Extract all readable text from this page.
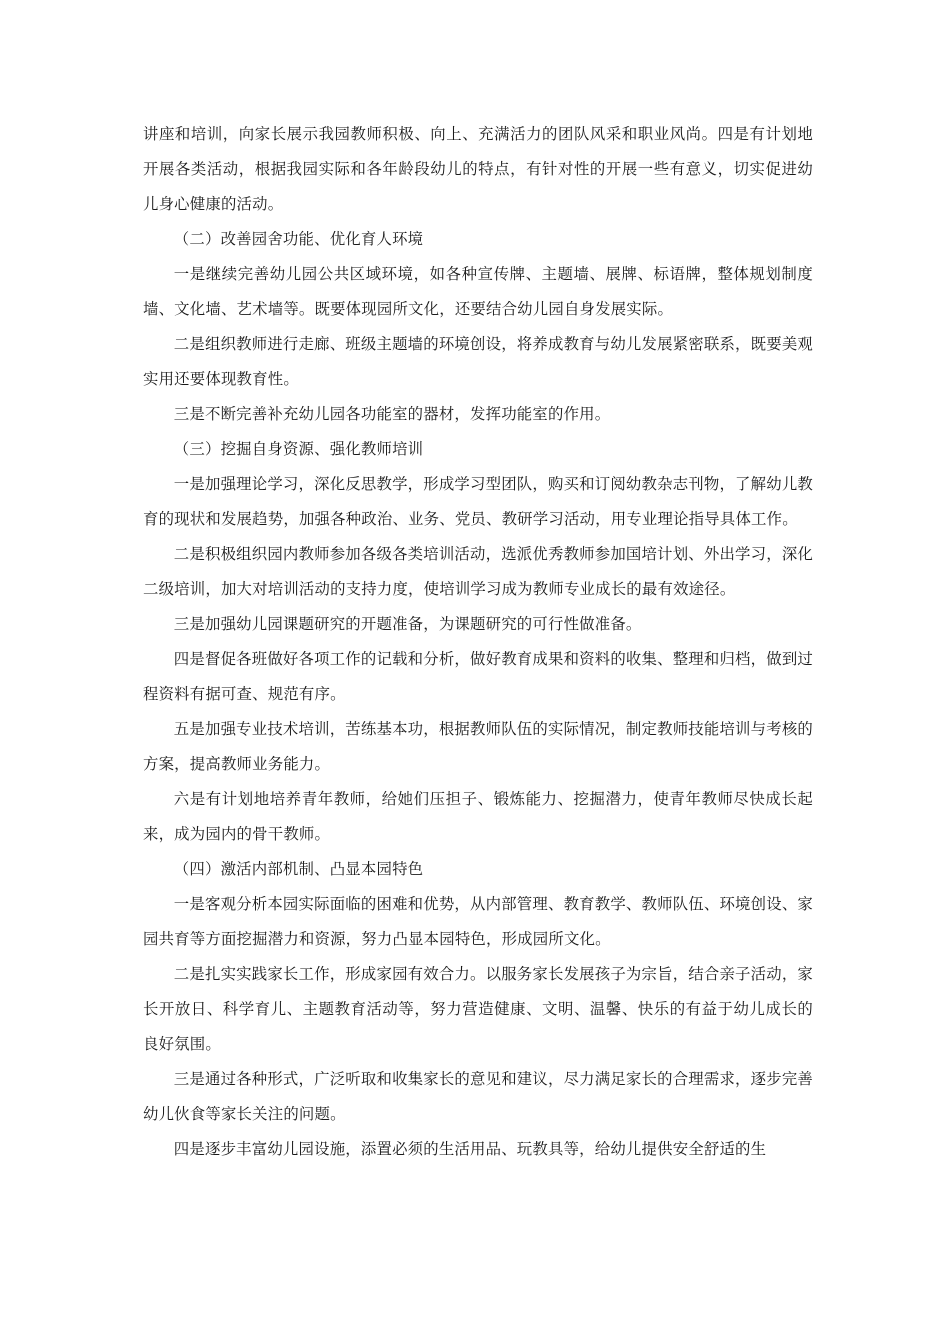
讲座和培训，向家长展示我园教师积极、向上、充满活力的团队风采和职业风尚。四是有计划地开展各类活动，根据我园实际和各年龄段幼儿的特点，有针对性的开展一些有意义，切实促进幼儿身心健康的活动。

（二）改善园舍功能、优化育人环境

一是继续完善幼儿园公共区域环境，如各种宣传牌、主题墙、展牌、标语牌，整体规划制度墙、文化墙、艺术墙等。既要体现园所文化，还要结合幼儿园自身发展实际。

二是组织教师进行走廊、班级主题墙的环境创设，将养成教育与幼儿发展紧密联系，既要美观实用还要体现教育性。

三是不断完善补充幼儿园各功能室的器材，发挥功能室的作用。

（三）挖掘自身资源、强化教师培训

一是加强理论学习，深化反思教学，形成学习型团队，购买和订阅幼教杂志刊物，了解幼儿教育的现状和发展趋势，加强各种政治、业务、党员、教研学习活动，用专业理论指导具体工作。

二是积极组织园内教师参加各级各类培训活动，选派优秀教师参加国培计划、外出学习，深化二级培训，加大对培训活动的支持力度，使培训学习成为教师专业成长的最有效途径。

三是加强幼儿园课题研究的开题准备，为课题研究的可行性做准备。

四是督促各班做好各项工作的记载和分析，做好教育成果和资料的收集、整理和归档，做到过程资料有据可查、规范有序。

五是加强专业技术培训，苦练基本功，根据教师队伍的实际情况，制定教师技能培训与考核的方案，提高教师业务能力。

六是有计划地培养青年教师，给她们压担子、锻炼能力、挖掘潜力，使青年教师尽快成长起来，成为园内的骨干教师。

（四）激活内部机制、凸显本园特色

一是客观分析本园实际面临的困难和优势，从内部管理、教育教学、教师队伍、环境创设、家园共育等方面挖掘潜力和资源，努力凸显本园特色，形成园所文化。

二是扎实实践家长工作，形成家园有效合力。以服务家长发展孩子为宗旨，结合亲子活动，家长开放日、科学育儿、主题教育活动等，努力营造健康、文明、温馨、快乐的有益于幼儿成长的良好氛围。

三是通过各种形式，广泛听取和收集家长的意见和建议，尽力满足家长的合理需求，逐步完善幼儿伙食等家长关注的问题。

四是逐步丰富幼儿园设施，添置必须的生活用品、玩教具等，给幼儿提供安全舒适的生
